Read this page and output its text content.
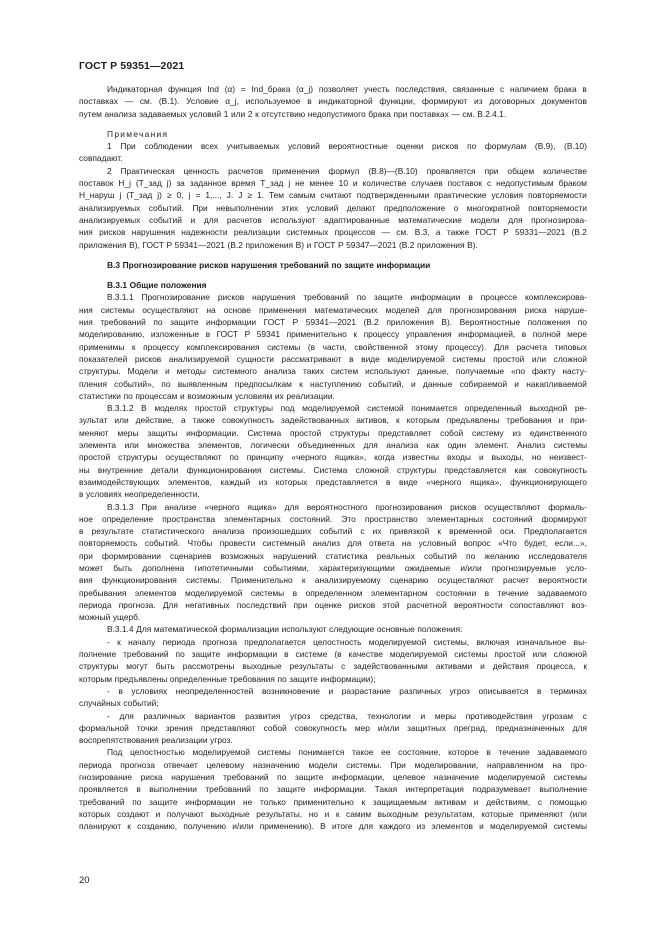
ГОСТ Р 59351—2021
Индикаторная функция Ind (α) = Ind_брака (α_j) позволяет учесть последствия, связанные с наличием брака в
поставках — см. (В.1). Условие α_j, используемое в индикаторной функции, формируют из договорных документов
путем анализа задаваемых условий 1 или 2 к отсутствию недопустимого брака при поставках — см. В.2.4.1.
Примечания
1 При соблюдении всех учитываемых условий вероятностные оценки рисков по формулам (В.9), (В.10)
совпадают.
2 Практическая ценность расчетов применения формул (В.8)—(В.10) проявляется при общем количестве
поставок H_j (T_зад j) за заданное время T_зад j не менее 10 и количестве случаев поставок с недопустимым браком
H_наруш j (T_зад j) ≥ 0, j = 1,..., J. J ≥ 1. Тем самым считают подтвержденными практические условия повторяемости
анализируемых событий. При невыполнении этих условий делают предположение о многократной повторяемости
анализируемых событий и для расчетов используют адаптированные математические модели для прогнозирова-
ния рисков нарушения надежности реализации системных процессов — см. В.3, а также ГОСТ Р 59331—2021 (В.2
приложения В), ГОСТ Р 59341—2021 (В.2 приложения В) и ГОСТ Р 59347—2021 (В.2 приложения В).
В.3 Прогнозирование рисков нарушения требований по защите информации
В.3.1 Общие положения
В.3.1.1 Прогнозирование рисков нарушения требований по защите информации в процессе комплексирова-
ния системы осуществляют на основе применения математических моделей для прогнозирования риска наруше-
ния требований по защите информации ГОСТ Р 59341—2021 (В.2 приложения В). Вероятностные положения по
моделированию, изложенные в ГОСТ Р 59341 применительно к процессу управления информацией, в полной мере
применимы к процессу комплексирования системы (в части, свойственной этому процессу). Для расчета типовых
показателей рисков анализируемой сущности рассматривают в виде моделируемой системы простой или сложной
структуры. Модели и методы системного анализа таких систем используют данные, получаемые «по факту насту-
пления событий», по выявленным предпосылкам к наступлению событий, и данные собираемой и накапливаемой
статистики по процессам и возможным условиям их реализации.
В.3.1.2 В моделях простой структуры под моделируемой системой понимается определенный выходной ре-
зультат или действие, а также совокупность задействованных активов, к которым предъявлены требования и при-
меняют меры защиты информации. Система простой структуры представляет собой систему из единственного
элемента или множества элементов, логически объединенных для анализа как один элемент. Анализ системы
простой структуры осуществляют по принципу «черного ящика», когда известны входы и выходы, но неизвест-
ны внутренние детали функционирования системы. Система сложной структуры представляется как совокупность
взаимодействующих элементов, каждый из которых представляется в виде «черного ящика», функционирующего
в условиях неопределенности.
В.3.1.3 При анализе «черного ящика» для вероятностного прогнозирования рисков осуществляют формаль-
ное определение пространства элементарных состояний. Это пространство элементарных состояний формируют
в результате статистического анализа произошедших событий с их привязкой к временной оси. Предполагается
повторяемость событий. Чтобы провести системный анализ для ответа на условный вопрос «Что будет, если...»,
при формировании сценариев возможных нарушений статистика реальных событий по желанию исследователя
может быть дополнена гипотетичными событиями, характеризующими ожидаемые и/или прогнозируемые усло-
вия функционирования системы. Применительно к анализируемому сценарию осуществляют расчет вероятности
пребывания элементов моделируемой системы в определенном элементарном состоянии в течение задаваемого
периода прогноза. Для негативных последствий при оценке рисков этой расчетной вероятности сопоставляют воз-
можный ущерб.
В.3.1.4 Для математической формализации используют следующие основные положения:
- к началу периода прогноза предполагается целостность моделируемой системы, включая изначальное вы-
полнение требований по защите информации в системе (в качестве моделируемой системы простой или сложной
структуры могут быть рассмотрены выходные результаты с задействованными активами и действия процесса, к
которым предъявлены определенные требования по защите информации);
- в условиях неопределенностей возникновение и разрастание различных угроз описывается в терминах
случайных событий;
- для различных вариантов развития угроз средства, технологии и меры противодействия угрозам с
формальной точки зрения представляют собой совокупность мер и/или защитных преград, предназначенных для
воспрепятствования реализации угроз.
Под целостностью моделируемой системы понимается такое ее состояние, которое в течение задаваемого
периода прогноза отвечает целевому назначению модели системы. При моделировании, направленном на про-
гнозирование риска нарушения требований по защите информации, целевое назначение моделируемой системы
проявляется в выполнении требований по защите информации. Такая интерпретация подразумевает выполнение
требований по защите информации не только применительно к защищаемым активам и действиям, с помощью
которых создают и получают выходные результаты, но и к самим выходным результатам, которые применяют (или
планируют к созданию, получению и/или применению). В итоге для каждого из элементов и моделируемой системы
20
